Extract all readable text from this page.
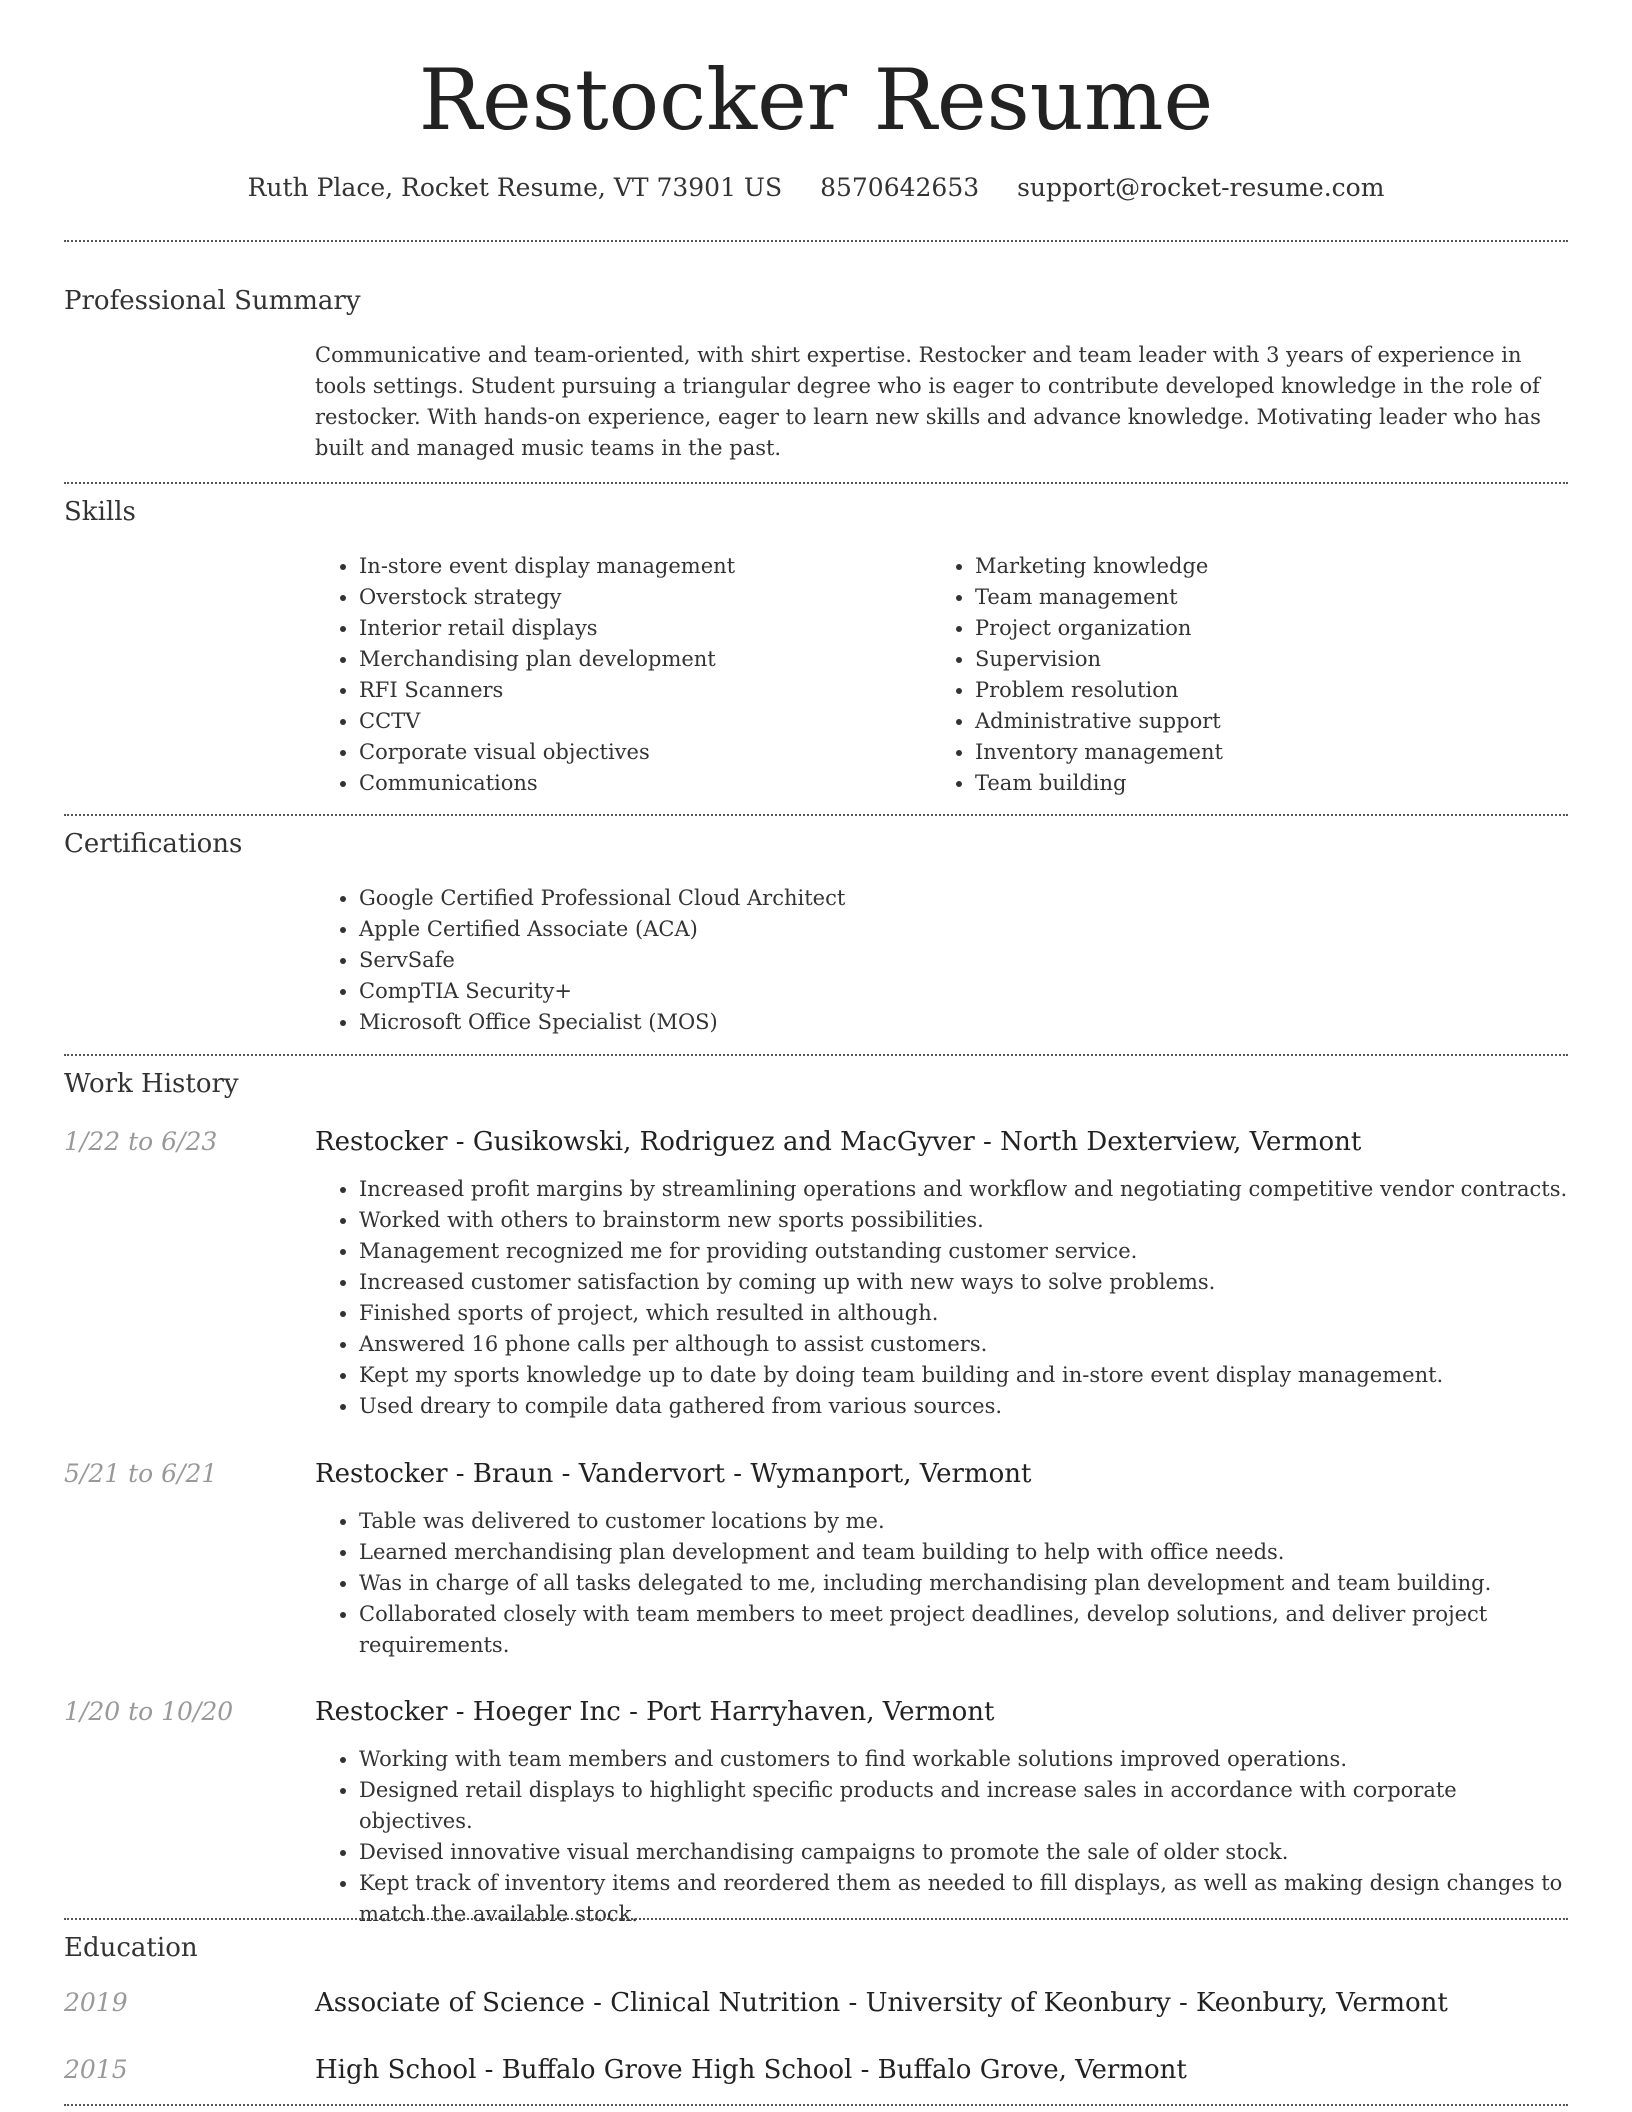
Restocker Resume
Ruth Place, Rocket Resume, VT 73901 US 8570642653 support@rocket-resume.com
Professional Summary
Communicative and team-oriented, with shirt expertise. Restocker and team leader with 3 years of experience in tools settings. Student pursuing a triangular degree who is eager to contribute developed knowledge in the role of restocker. With hands-on experience, eager to learn new skills and advance knowledge. Motivating leader who has built and managed music teams in the past.
Skills
• In-store event display management
• Overstock strategy
• Interior retail displays
• Merchandising plan development
• RFI Scanners
• CCTV
• Corporate visual objectives
• Communications
• Marketing knowledge
• Team management
• Project organization
• Supervision
• Problem resolution
• Administrative support
• Inventory management
• Team building
Certifications
• Google Certified Professional Cloud Architect
• Apple Certified Associate (ACA)
• ServSafe
• CompTIA Security+
• Microsoft Office Specialist (MOS)
Work History
1/22 to 6/23	Restocker - Gusikowski, Rodriguez and MacGyver - North Dexterview, Vermont
• Increased profit margins by streamlining operations and workflow and negotiating competitive vendor contracts.
• Worked with others to brainstorm new sports possibilities.
• Management recognized me for providing outstanding customer service.
• Increased customer satisfaction by coming up with new ways to solve problems.
• Finished sports of project, which resulted in although.
• Answered 16 phone calls per although to assist customers.
• Kept my sports knowledge up to date by doing team building and in-store event display management.
• Used dreary to compile data gathered from various sources.
5/21 to 6/21	Restocker - Braun - Vandervort - Wymanport, Vermont
• Table was delivered to customer locations by me.
• Learned merchandising plan development and team building to help with office needs.
• Was in charge of all tasks delegated to me, including merchandising plan development and team building.
• Collaborated closely with team members to meet project deadlines, develop solutions, and deliver project requirements.
1/20 to 10/20	Restocker - Hoeger Inc - Port Harryhaven, Vermont
• Working with team members and customers to find workable solutions improved operations.
• Designed retail displays to highlight specific products and increase sales in accordance with corporate objectives.
• Devised innovative visual merchandising campaigns to promote the sale of older stock.
• Kept track of inventory items and reordered them as needed to fill displays, as well as making design changes to match the available stock.
Education
2019	Associate of Science - Clinical Nutrition - University of Keonbury - Keonbury, Vermont
2015	High School - Buffalo Grove High School - Buffalo Grove, Vermont
